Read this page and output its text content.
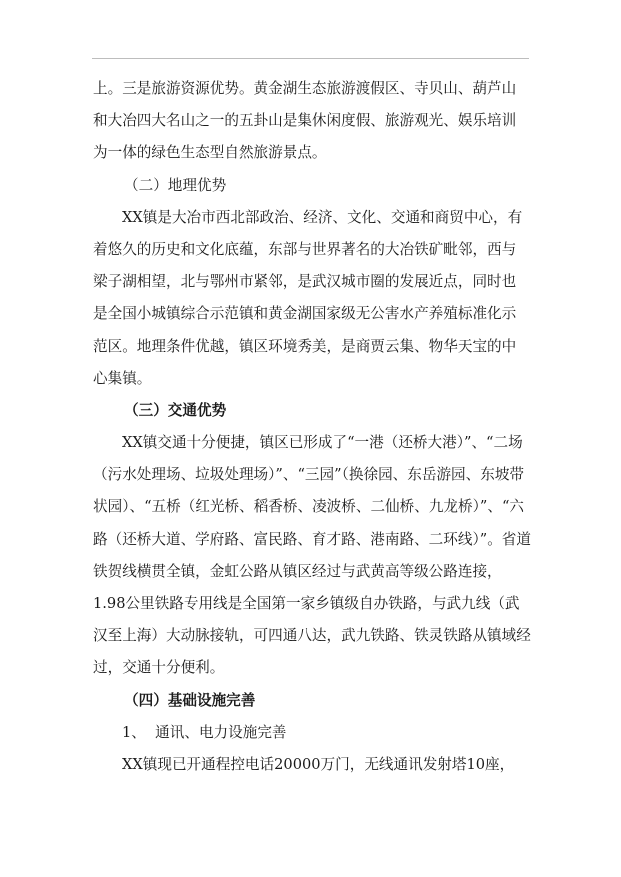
上。三是旅游资源优势。黄金湖生态旅游渡假区、寺贝山、葫芦山
和大冶四大名山之一的五卦山是集休闲度假、旅游观光、娱乐培训
为一体的绿色生态型自然旅游景点。
（二）地理优势
XX镇是大冶市西北部政治、经济、文化、交通和商贸中心，有
着悠久的历史和文化底蕴，东部与世界著名的大冶铁矿毗邻，西与
梁子湖相望，北与鄂州市紧邻，是武汉城市圈的发展近点，同时也
是全国小城镇综合示范镇和黄金湖国家级无公害水产养殖标准化示
范区。地理条件优越，镇区环境秀美，是商贾云集、物华天宝的中
心集镇。
（三）交通优势
XX镇交通十分便捷，镇区已形成了“一港（还桥大港）”、“二场
（污水处理场、垃圾处理场）”、“三园”（换徐园、东岳游园、东坡带
状园）、“五桥（红光桥、稻香桥、凌波桥、二仙桥、九龙桥）”、“六
路（还桥大道、学府路、富民路、育才路、港南路、二环线）”。省道
铁贺线横贯全镇，金虹公路从镇区经过与武黄高等级公路连接，
1.98公里铁路专用线是全国第一家乡镇级自办铁路，与武九线（武
汉至上海）大动脉接轨，可四通八达，武九铁路、铁灵铁路从镇域经
过，交通十分便利。
（四）基础设施完善
1、  通讯、电力设施完善
XX镇现已开通程控电话20000万门，无线通讯发射塔10座，
